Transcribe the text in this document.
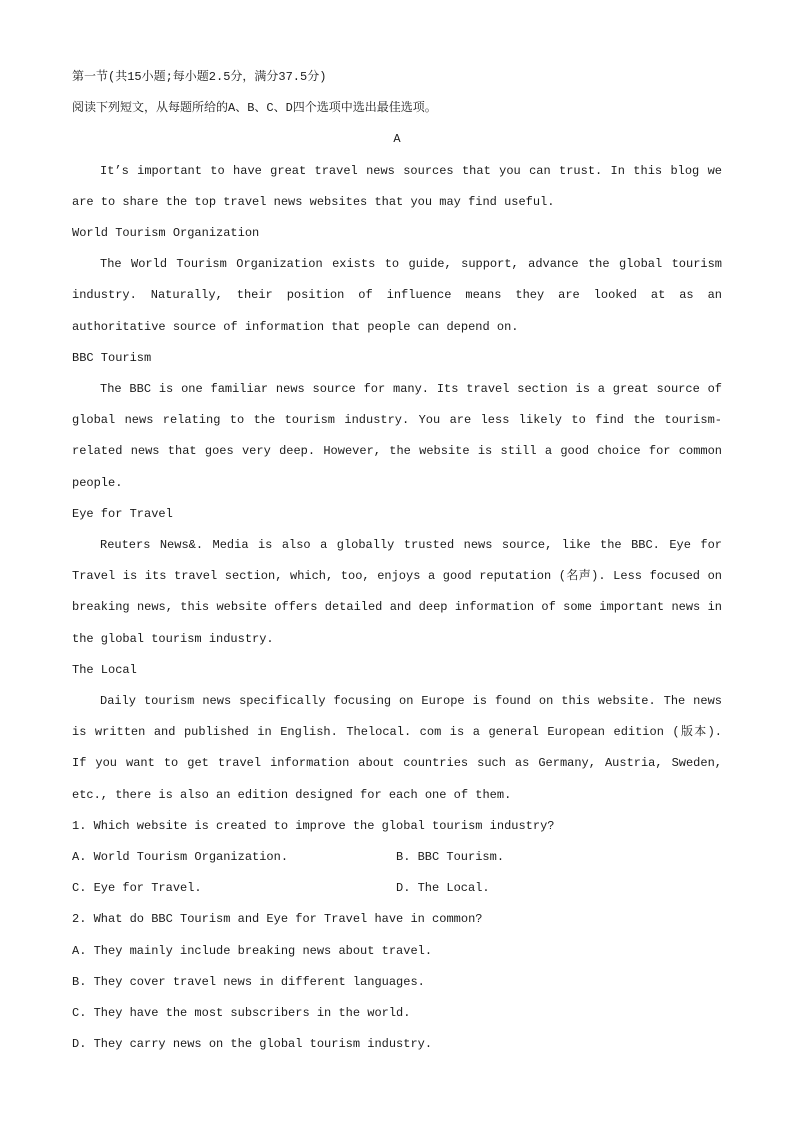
第一节(共15小题;每小题2.5分，满分37.5分)
阅读下列短文，从每题所给的A、B、C、D四个选项中选出最佳选项。
A
It’s important to have great travel news sources that you can trust. In this blog we are to share the top travel news websites that you may find useful.
World Tourism Organization
The World Tourism Organization exists to guide, support, advance the global tourism industry. Naturally, their position of influence means they are looked at as an authoritative source of information that people can depend on.
BBC Tourism
The BBC is one familiar news source for many. Its travel section is a great source of global news relating to the tourism industry. You are less likely to find the tourism-related news that goes very deep. However, the website is still a good choice for common people.
Eye for Travel
Reuters News&. Media is also a globally trusted news source, like the BBC. Eye for Travel is its travel section, which, too, enjoys a good reputation (名声). Less focused on breaking news, this website offers detailed and deep information of some important news in the global tourism industry.
The Local
Daily tourism news specifically focusing on Europe is found on this website. The news is written and published in English. Thelocal. com is a general European edition (版本). If you want to get travel information about countries such as Germany, Austria, Sweden, etc., there is also an edition designed for each one of them.
1. Which website is created to improve the global tourism industry?
A. World Tourism Organization.	B. BBC Tourism.
C. Eye for Travel.	D. The Local.
2. What do BBC Tourism and Eye for Travel have in common?
A. They mainly include breaking news about travel.
B. They cover travel news in different languages.
C. They have the most subscribers in the world.
D. They carry news on the global tourism industry.
